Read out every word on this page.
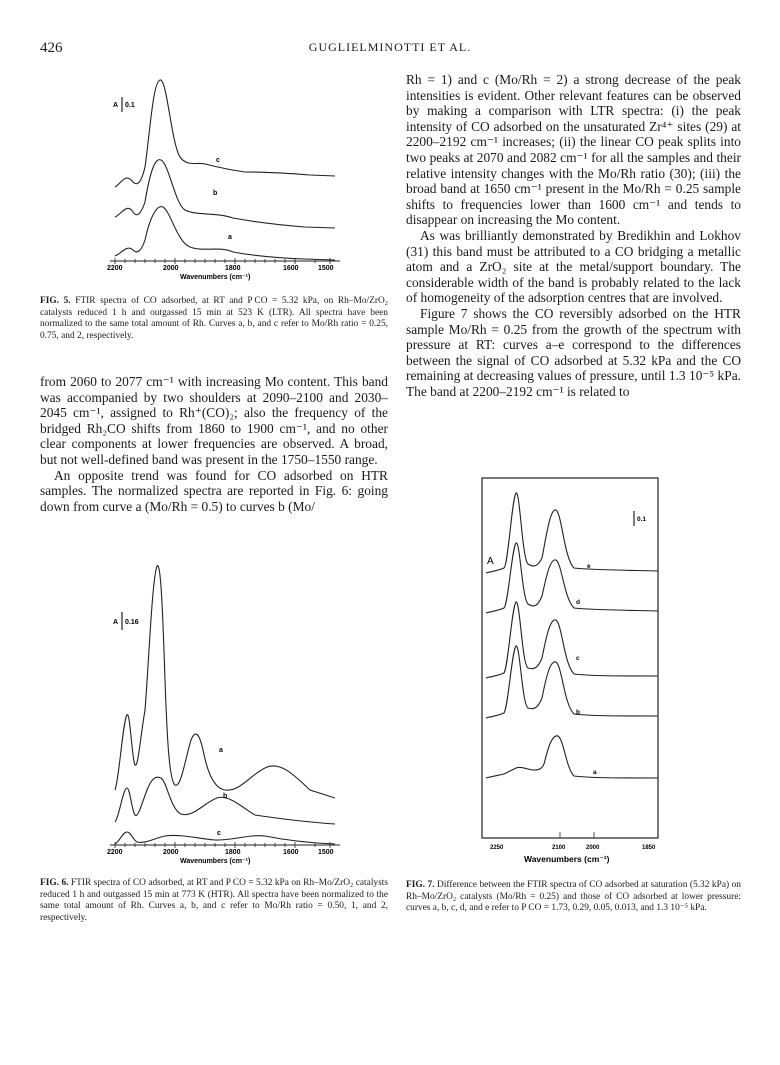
426	GUGLIELMINOTTI ET AL.
A 0.1
c
b
a
2200	2000	1800	1600	1500
Wavenumbers (cm⁻¹)
FIG. 5. FTIR spectra of CO adsorbed, at RT and P CO = 5.32 kPa, on Rh–Mo/ZrO₂ catalysts reduced 1 h and outgassed 15 min at 523 K (LTR). All spectra have been normalized to the same total amount of Rh. Curves a, b, and c refer to Mo/Rh ratio = 0.25, 0.75, and 2, respectively.

from 2060 to 2077 cm⁻¹ with increasing Mo content. This band was accompanied by two shoulders at 2090–2100 and 2030–2045 cm⁻¹, assigned to Rh⁺(CO)₂; also the frequency of the bridged Rh₂CO shifts from 1860 to 1900 cm⁻¹, and no other clear components at lower frequencies are observed. A broad, but not well-defined band was present in the 1750–1550 range.

An opposite trend was found for CO adsorbed on HTR samples. The normalized spectra are reported in Fig. 6: going down from curve a (Mo/Rh = 0.5) to curves b (Mo/

Rh = 1) and c (Mo/Rh = 2) a strong decrease of the peak intensities is evident. Other relevant features can be observed by making a comparison with LTR spectra: (i) the peak intensity of CO adsorbed on the unsaturated Zr⁴⁺ sites (29) at 2200–2192 cm⁻¹ increases; (ii) the linear CO peak splits into two peaks at 2070 and 2082 cm⁻¹ for all the samples and their relative intensity changes with the Mo/Rh ratio (30); (iii) the broad band at 1650 cm⁻¹ present in the Mo/Rh = 0.25 sample shifts to frequencies lower than 1600 cm⁻¹ and tends to disappear on increasing the Mo content.

As was brilliantly demonstrated by Bredikhin and Lokhov (31) this band must be attributed to a CO bridging a metallic atom and a ZrO₂ site at the metal/support boundary. The considerable width of the band is probably related to the lack of homogeneity of the adsorption centres that are involved.

Figure 7 shows the CO reversibly adsorbed on the HTR sample Mo/Rh = 0.25 from the growth of the spectrum with pressure at RT: curves a–e correspond to the differences between the signal of CO adsorbed at 5.32 kPa and the CO remaining at decreasing values of pressure, until 1.3 10⁻⁵ kPa. The band at 2200–2192 cm⁻¹ is related to

A 0.16
a
b
c
2200	2000	1800	1600	1500
Wavenumbers (cm⁻¹)
FIG. 6. FTIR spectra of CO adsorbed, at RT and P CO = 5.32 kPa on Rh–Mo/ZrO₂ catalysts reduced 1 h and outgassed 15 min at 773 K (HTR). All spectra have been normalized to the same total amount of Rh. Curves a, b, and c refer to Mo/Rh ratio = 0.50, 1, and 2, respectively.
0.1
A	e
d
c
b
a
2250	2100	2000	1850
Wavenumbers (cm⁻¹)
FIG. 7. Difference between the FTIR spectra of CO adsorbed at saturation (5.32 kPa) on Rh–Mo/ZrO₂ catalysts (Mo/Rh = 0.25) and those of CO adsorbed at lower pressure: curves a, b, c, d, and e refer to P CO = 1.73, 0.29, 0.05, 0.013, and 1.3 10⁻⁵ kPa.
